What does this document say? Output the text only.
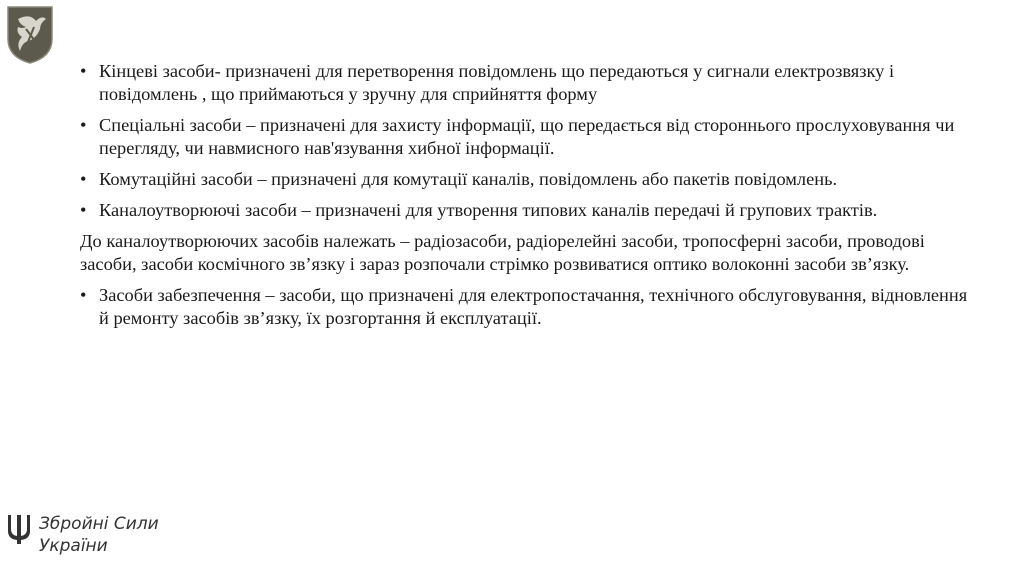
• Кінцеві засоби- призначені для перетворення повідомлень що передаються у сигнали електрозвязку і повідомлень , що приймаються у зручну для сприйняття форму
• Спеціальні засоби – призначені для захисту інформації, що передається від стороннього прослуховування чи перегляду, чи навмисного нав'язування хибної інформації.
• Комутаційні засоби – призначені для комутації каналів, повідомлень або пакетів повідомлень.
• Каналоутворюючі засоби – призначені для утворення типових каналів передачі й групових трактів.
До каналоутворюючих засобів належать – радіозасоби, радіорелейні засоби, тропосферні засоби, проводові засоби, засоби космічного зв’язку і зараз розпочали стрімко розвиватися оптико волоконні засоби зв’язку.
• Засоби забезпечення – засоби, що призначені для електропостачання, технічного обслуговування, відновлення й ремонту засобів зв’язку, їх розгортання й експлуатації.
Збройні Сили
України
